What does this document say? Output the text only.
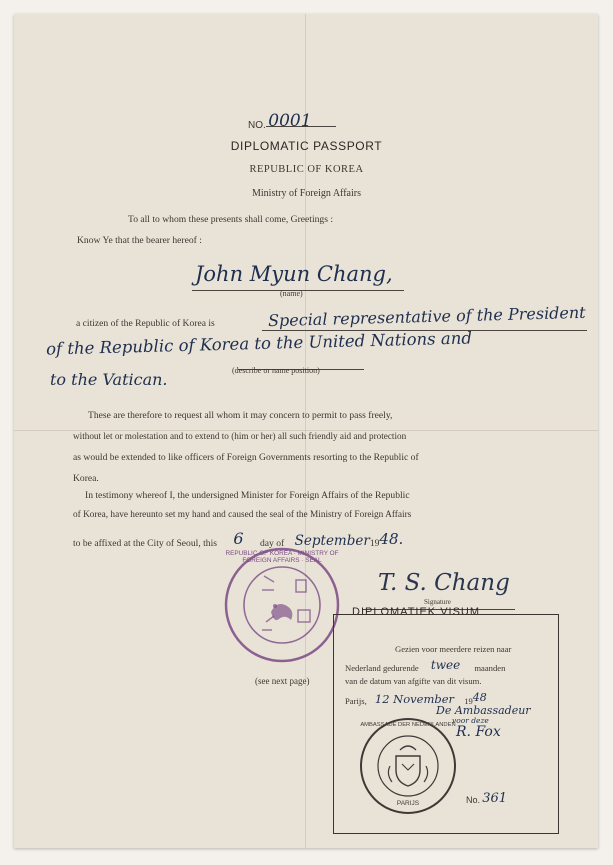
NO. 0001
DIPLOMATIC PASSPORT
REPUBLIC OF KOREA
Ministry of Foreign Affairs
To all to whom these presents shall come, Greetings :
Know Ye that the bearer hereof :
John Myun Chang,
(name)
a citizen of the Republic of Korea is	Special representative of the President
of the Republic of Korea to the United Nations and
to the Vatican.	(describe or name position)
These are therefore to request all whom it may concern to permit to pass freely,
without let or molestation and to extend to (him or her) all such friendly aid and protection
as would be extended to like officers of Foreign Governments resorting to the Republic of
Korea.
In testimony whereof I, the undersigned Minister for Foreign Affairs of the Republic
of Korea, have hereunto set my hand and caused the seal of the Ministry of Foreign Affairs
to be affixed at the City of Seoul, this 6 day of September1948.
REPUBLIC OF KOREA · MINISTRY OF FOREIGN AFFAIRS · SEAL
T. S. Chang
Signature
(see next page)
DIPLOMATIEK VISUM
Gezien voor meerdere reizen naar
Nederland gedurende twee maanden
van de datum van afgifte van dit visum.
Parijs, 12 November 1948
De Ambassadeur
voor deze
R. Fox
AMBASSADE DER NEDERLANDEN
PARIJS	No. 361
